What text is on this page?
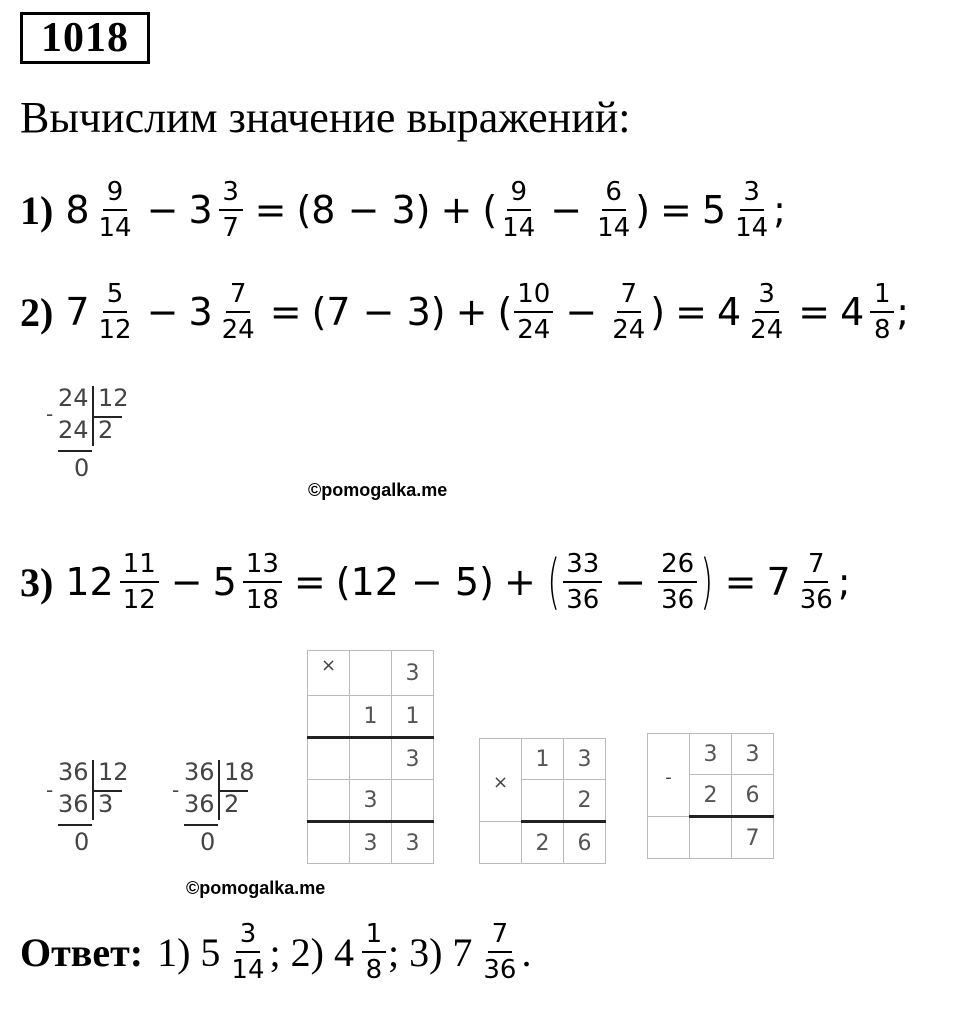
1018
Вычислим значение выражений:
1) 8 9
$14 - 3 \frac{3}{7} = (8 - 3)$ + ( 9
$14 - \frac{6}{14}$ ) = 5 3
14 ;
2) 7 5
$12 - 3 \frac{7}{24} = (7 - 3)$ + ( 10
$24 - \frac{7}{24}$ ) = $4 \frac{3}{24} = 4$ 1
8 ;
-
24 12
24 2
0
©pomogalka.me
3) 12 11
$12 - 5 \frac{13}{18} = (12 - 5)$ + ( 33
$36 - \frac{26}{36}$ ) = 7 7
36 ;
-
36 12
36 3
0
-
36 18
36 2
0
×		3
	1	1
		3
	3	
	3	3
×	1	3
		2
	2	6
-	3	3
	2	6
		7
©pomogalka.me
Ответ: 1) 5 3
14 ; 2) 4 1
8 ; 3) 7 7
36 .
